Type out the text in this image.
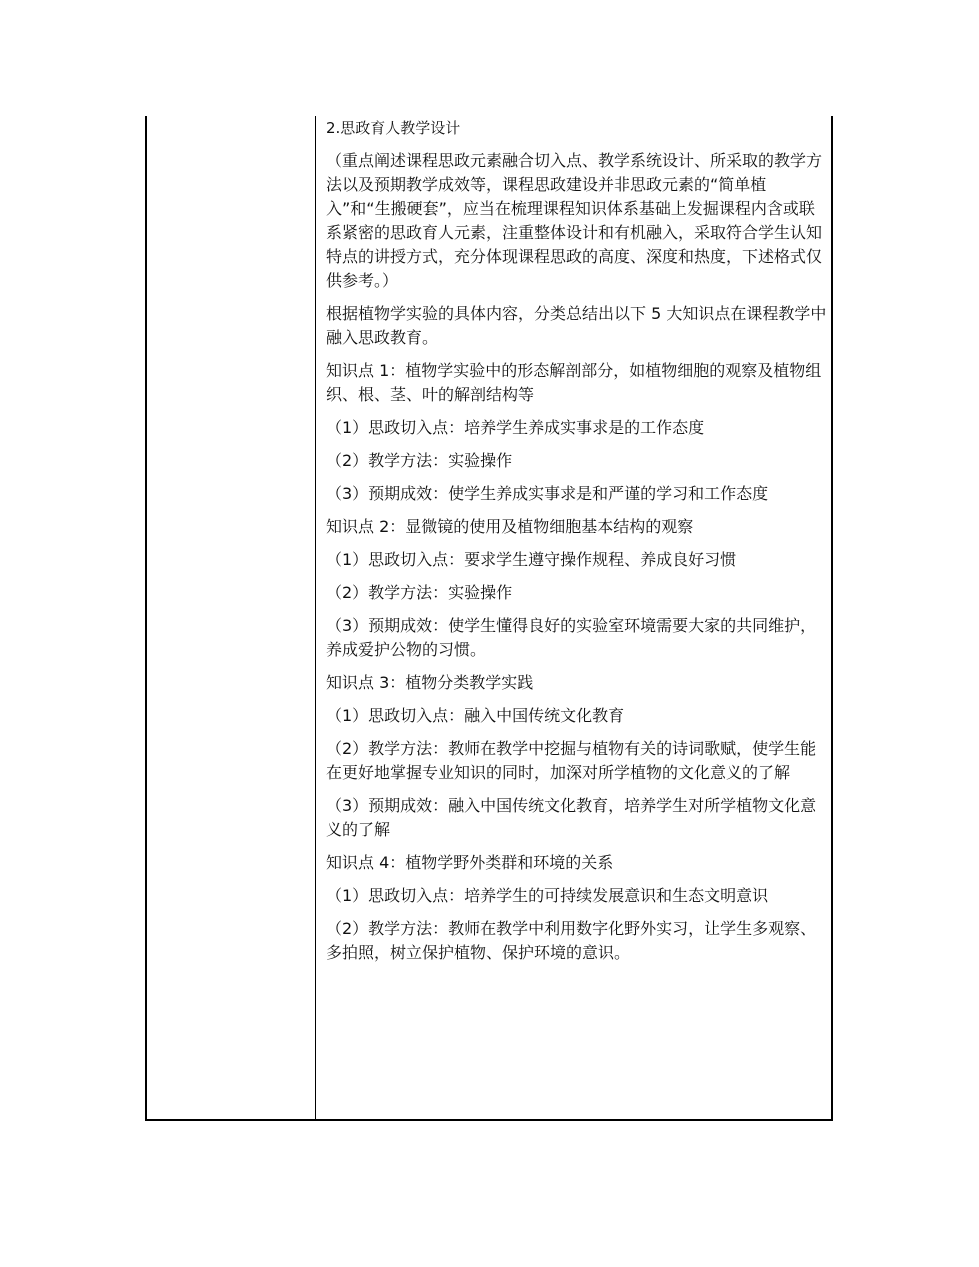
2.思政育人教学设计

（重点阐述课程思政元素融合切入点、教学系统设计、所采取的教学方法以及预期教学成效等，课程思政建设并非思政元素的“简单植入”和“生搬硬套”，应当在梳理课程知识体系基础上发掘课程内含或联系紧密的思政育人元素，注重整体设计和有机融入，采取符合学生认知特点的讲授方式，充分体现课程思政的高度、深度和热度，下述格式仅供参考。）

根据植物学实验的具体内容，分类总结出以下 5 大知识点在课程教学中融入思政教育。

知识点 1：植物学实验中的形态解剖部分，如植物细胞的观察及植物组织、根、茎、叶的解剖结构等

（1）思政切入点：培养学生养成实事求是的工作态度

（2）教学方法：实验操作

（3）预期成效：使学生养成实事求是和严谨的学习和工作态度

知识点 2：显微镜的使用及植物细胞基本结构的观察

（1）思政切入点：要求学生遵守操作规程、养成良好习惯

（2）教学方法：实验操作

（3）预期成效：使学生懂得良好的实验室环境需要大家的共同维护，养成爱护公物的习惯。

知识点 3：植物分类教学实践

（1）思政切入点：融入中国传统文化教育

（2）教学方法：教师在教学中挖掘与植物有关的诗词歌赋，使学生能在更好地掌握专业知识的同时，加深对所学植物的文化意义的了解

（3）预期成效：融入中国传统文化教育，培养学生对所学植物文化意义的了解

知识点 4：植物学野外类群和环境的关系

（1）思政切入点：培养学生的可持续发展意识和生态文明意识

（2）教学方法：教师在教学中利用数字化野外实习，让学生多观察、多拍照，树立保护植物、保护环境的意识。
